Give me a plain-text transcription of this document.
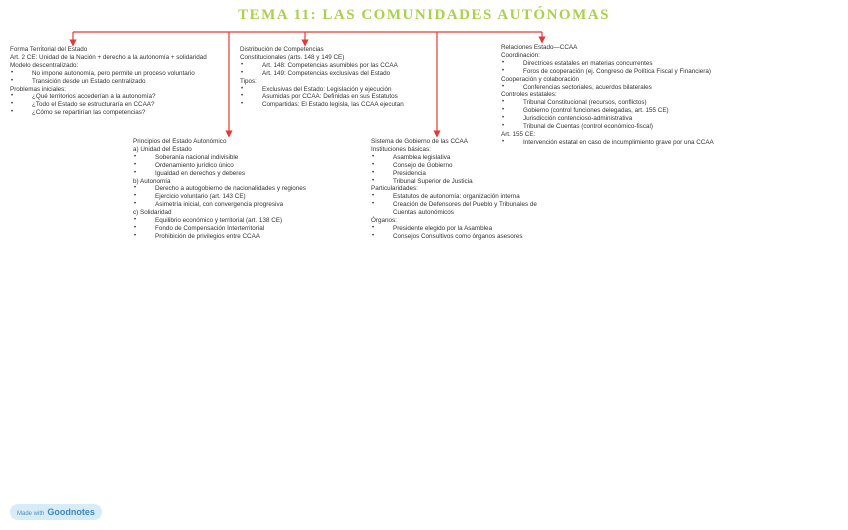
TEMA 11: LAS COMUNIDADES AUTÓNOMAS
Forma Territorial del Estado
Art. 2 CE: Unidad de la Nación + derecho a la autonomía + solidaridad
Modelo descentralizado:
• No impone autonomía, pero permite un proceso voluntario
• Transición desde un Estado centralizado
Problemas iniciales:
• ¿Qué territorios accederían a la autonomía?
• ¿Todo el Estado se estructuraría en CCAA?
• ¿Cómo se repartirían las competencias?
Principios del Estado Autonómico
a) Unidad del Estado
• Soberanía nacional indivisible
• Ordenamiento jurídico único
• Igualdad en derechos y deberes
b) Autonomía
• Derecho a autogobierno de nacionalidades y regiones
• Ejercicio voluntario (art. 143 CE)
• Asimetría inicial, con convergencia progresiva
c) Solidaridad
• Equilibrio económico y territorial (art. 138 CE)
• Fondo de Compensación Interterritorial
• Prohibición de privilegios entre CCAA
Distribución de Competencias
Constitucionales (arts. 148 y 149 CE)
• Art. 148: Competencias asumibles por las CCAA
• Art. 149: Competencias exclusivas del Estado
Tipos:
• Exclusivas del Estado: Legislación y ejecución
• Asumidas por CCAA: Definidas en sus Estatutos
• Compartidas: El Estado legisla, las CCAA ejecutan
Sistema de Gobierno de las CCAA
Instituciones básicas:
• Asamblea legislativa
• Consejo de Gobierno
• Presidencia
• Tribunal Superior de Justicia
Particularidades:
• Estatutos de autonomía: organización interna
• Creación de Defensores del Pueblo y Tribunales de Cuentas autonómicos
Órganos:
• Presidente elegido por la Asamblea
• Consejos Consultivos como órganos asesores
Relaciones Estado—CCAA
Coordinación:
• Directrices estatales en materias concurrentes
• Foros de cooperación (ej. Congreso de Política Fiscal y Financiera)
Cooperación y colaboración
• Conferencias sectoriales, acuerdos bilaterales
Controles estatales:
• Tribunal Constitucional (recursos, conflictos)
• Gobierno (control funciones delegadas, art. 155 CE)
• Jurisdicción contencioso-administrativa
• Tribunal de Cuentas (control económico-fiscal)
Art. 155 CE:
• Intervención estatal en caso de incumplimiento grave por una CCAA
Made with Goodnotes
